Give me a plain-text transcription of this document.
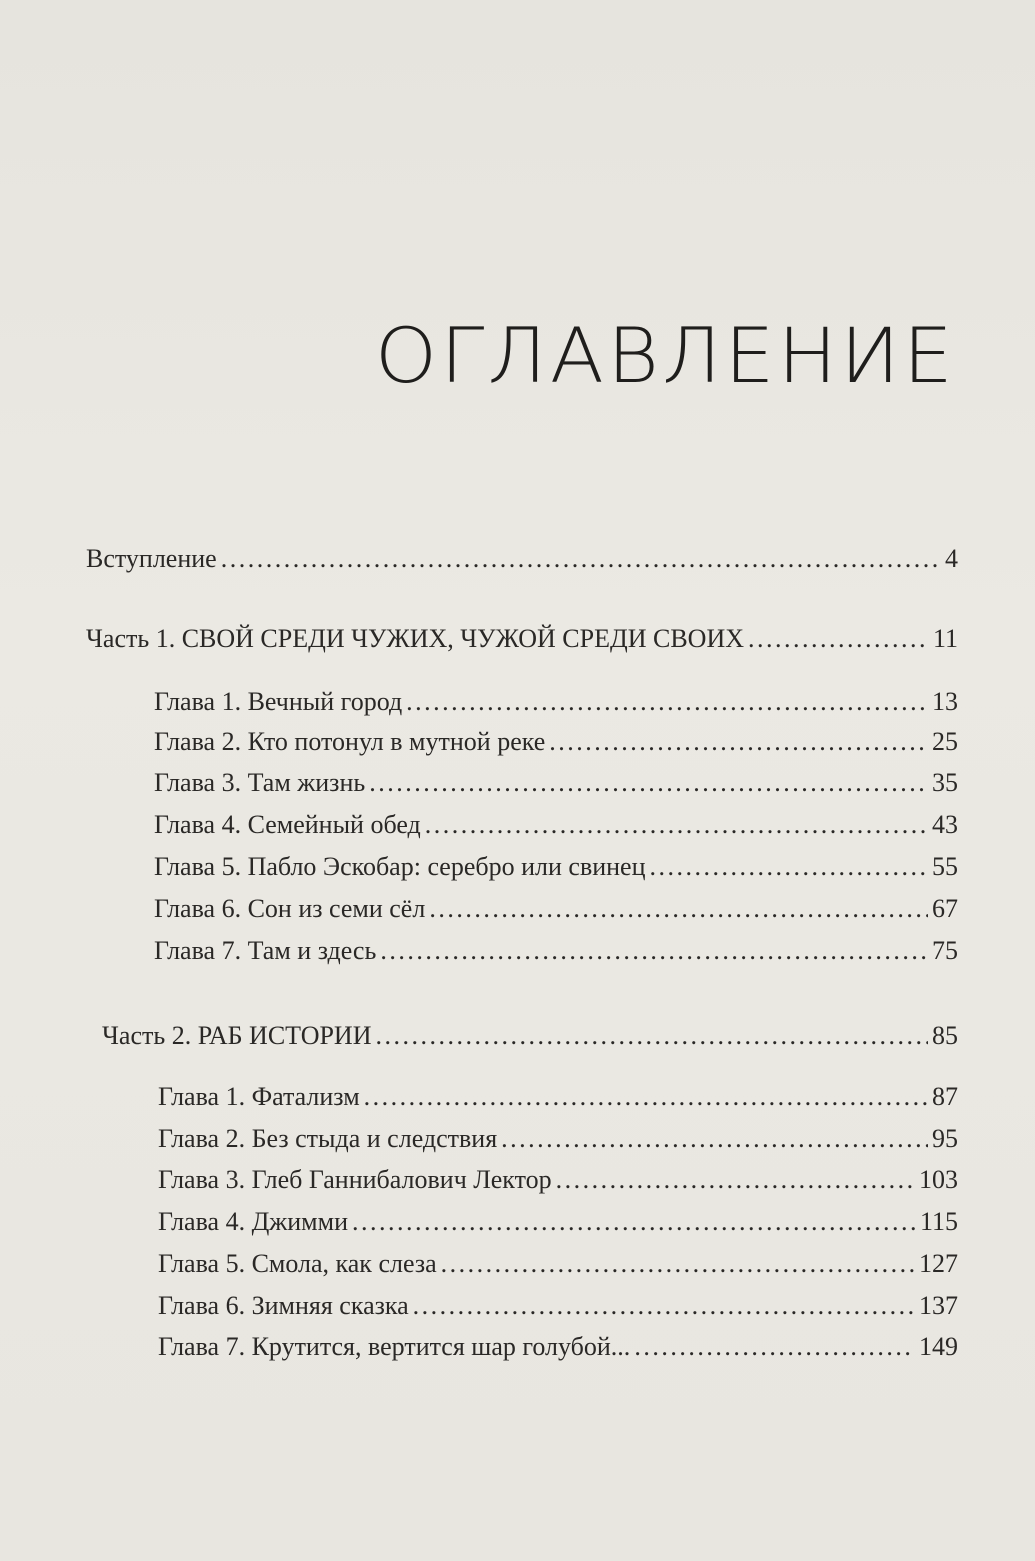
ОГЛАВЛЕНИЕ
Вступление . . .	4
Часть 1. СВОЙ СРЕДИ ЧУЖИХ, ЧУЖОЙ СРЕДИ СВОИХ . . .	11
Глава 1. Вечный город . . .	13
Глава 2. Кто потонул в мутной реке . . .	25
Глава 3. Там жизнь . . .	35
Глава 4. Семейный обед . . .	43
Глава 5. Пабло Эскобар: серебро или свинец . . .	55
Глава 6. Сон из семи сёл . . .	67
Глава 7. Там и здесь . . .	75
Часть 2. РАБ ИСТОРИИ . . .	85
Глава 1. Фатализм . . .	87
Глава 2. Без стыда и следствия . . .	95
Глава 3. Глеб Ганнибалович Лектор . . .	103
Глава 4. Джимми . . .	115
Глава 5. Смола, как слеза . . .	127
Глава 6. Зимняя сказка . . .	137
Глава 7. Крутится, вертится шар голубой... . . .	149
